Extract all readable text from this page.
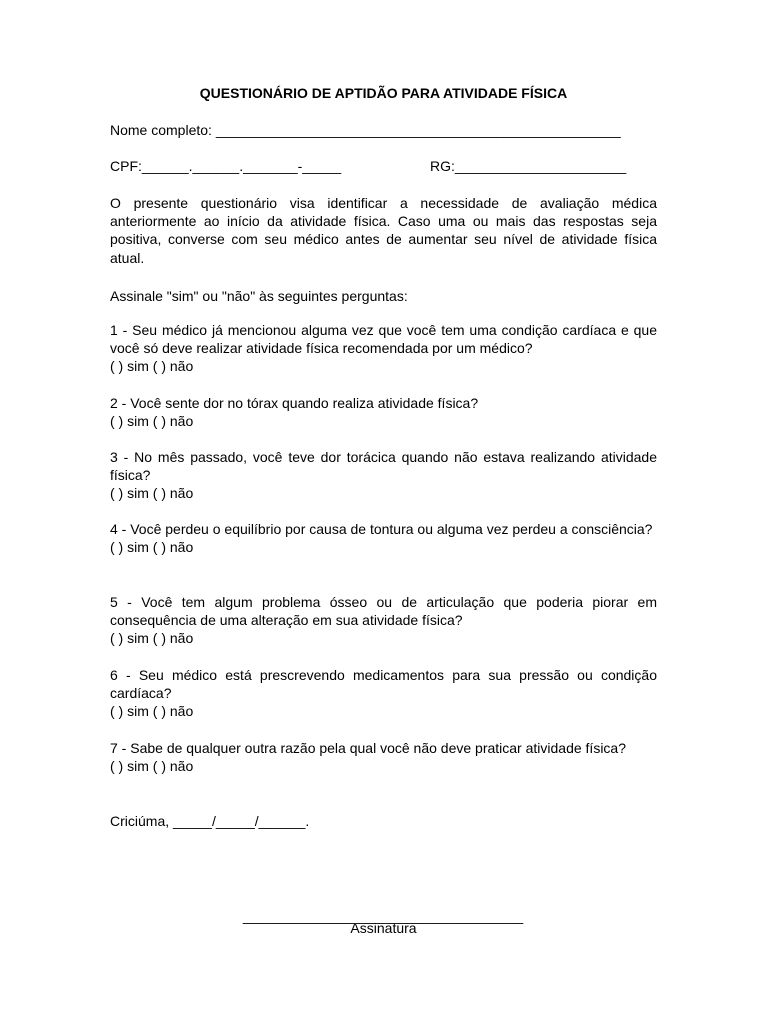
QUESTIONÁRIO DE APTIDÃO PARA ATIVIDADE FÍSICA
Nome completo: ____________________________________________________
CPF:______.______._______-_____	RG:______________________
O presente questionário visa identificar a necessidade de avaliação médica anteriormente ao início da atividade física. Caso uma ou mais das respostas seja positiva, converse com seu médico antes de aumentar seu nível de atividade física atual.
Assinale "sim" ou "não" às seguintes perguntas:
1 - Seu médico já mencionou alguma vez que você tem uma condição cardíaca e que você só deve realizar atividade física recomendada por um médico?
( ) sim ( ) não
2 - Você sente dor no tórax quando realiza atividade física?
( ) sim ( ) não
3 - No mês passado, você teve dor torácica quando não estava realizando atividade física?
( ) sim ( ) não
4 - Você perdeu o equilíbrio por causa de tontura ou alguma vez perdeu a consciência?
( ) sim ( ) não
5 - Você tem algum problema ósseo ou de articulação que poderia piorar em consequência de uma alteração em sua atividade física?
( ) sim ( ) não
6 - Seu médico está prescrevendo medicamentos para sua pressão ou condição cardíaca?
( ) sim ( ) não
7 - Sabe de qualquer outra razão pela qual você não deve praticar atividade física?
( ) sim ( ) não
Criciúma, _____/_____/______.
____________________________________
Assinatura
